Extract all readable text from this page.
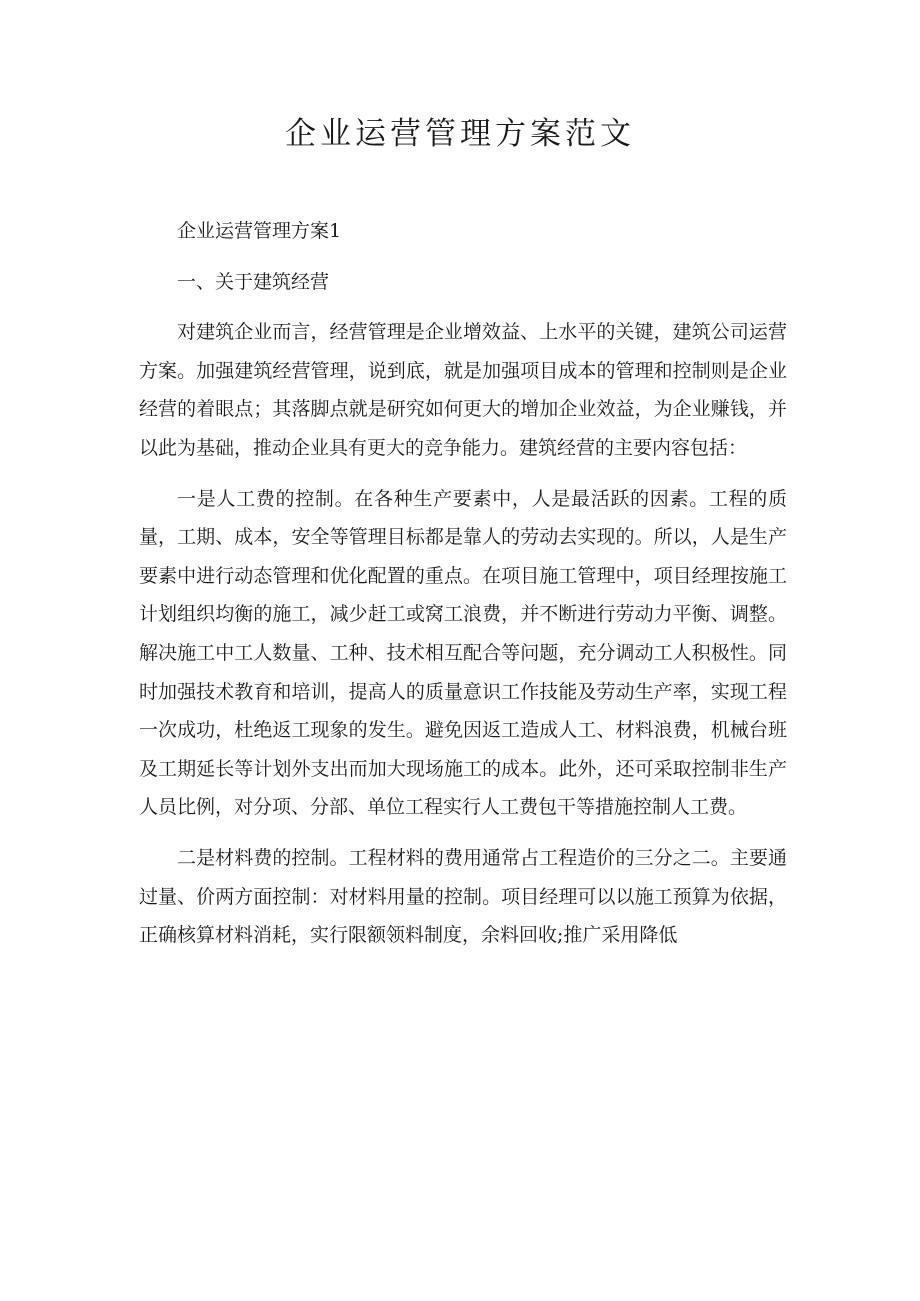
企业运营管理方案范文

企业运营管理方案1

一、关于建筑经营

对建筑企业而言，经营管理是企业增效益、上水平的关键，建筑公司运营方案。加强建筑经营管理，说到底，就是加强项目成本的管理和控制则是企业经营的着眼点；其落脚点就是研究如何更大的增加企业效益，为企业赚钱，并以此为基础，推动企业具有更大的竞争能力。建筑经营的主要内容包括：

一是人工费的控制。在各种生产要素中，人是最活跃的因素。工程的质量，工期、成本，安全等管理目标都是靠人的劳动去实现的。所以，人是生产要素中进行动态管理和优化配置的重点。在项目施工管理中，项目经理按施工计划组织均衡的施工，减少赶工或窝工浪费，并不断进行劳动力平衡、调整。解决施工中工人数量、工种、技术相互配合等问题，充分调动工人积极性。同时加强技术教育和培训，提高人的质量意识工作技能及劳动生产率，实现工程一次成功，杜绝返工现象的发生。避免因返工造成人工、材料浪费，机械台班及工期延长等计划外支出而加大现场施工的成本。此外，还可采取控制非生产人员比例，对分项、分部、单位工程实行人工费包干等措施控制人工费。

二是材料费的控制。工程材料的费用通常占工程造价的三分之二。主要通过量、价两方面控制：对材料用量的控制。项目经理可以以施工预算为依据，正确核算材料消耗，实行限额领料制度，余料回收;推广采用降低
